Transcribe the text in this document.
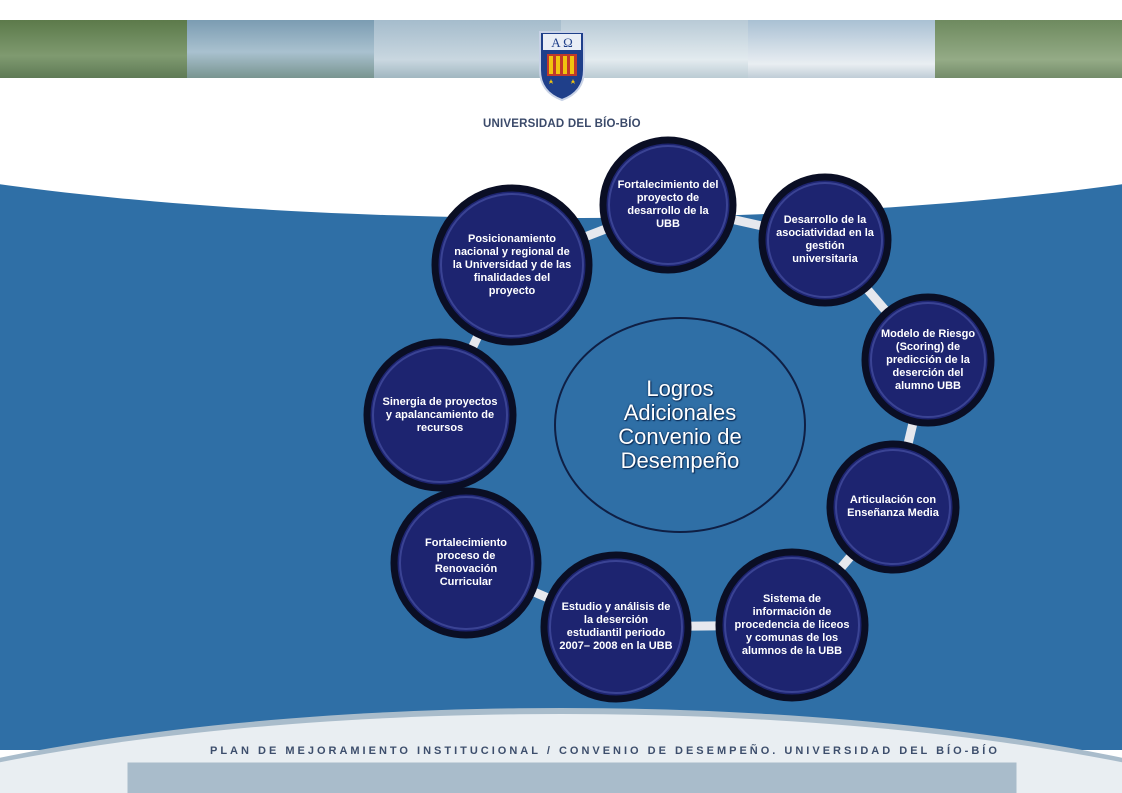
A Ω
UNIVERSIDAD DEL BÍO-BÍO
LOGROS ADICIONALES OBTENIDOS
Fortalecimiento del proyecto de desarrollo de la UBB	Desarrollo de la asociatividad en la gestión universitaria
Modelo de Riesgo (Scoring) de predicción de la deserción del alumno UBB
Articulación con Enseñanza Media
Sistema de información de procedencia de liceos y comunas de los alumnos de la UBB
Estudio y análisis de la deserción estudiantil periodo 2007– 2008 en la UBB
Fortalecimiento proceso de Renovación Curricular
Sinergia de proyectos y apalancamiento de recursos
Posicionamiento nacional y regional de la Universidad y de las finalidades del proyecto
Logros
Adicionales
Convenio de
Desempeño
PLAN DE MEJORAMIENTO INSTITUCIONAL / CONVENIO DE DESEMPEÑO. UNIVERSIDAD DEL BÍO-BÍO
